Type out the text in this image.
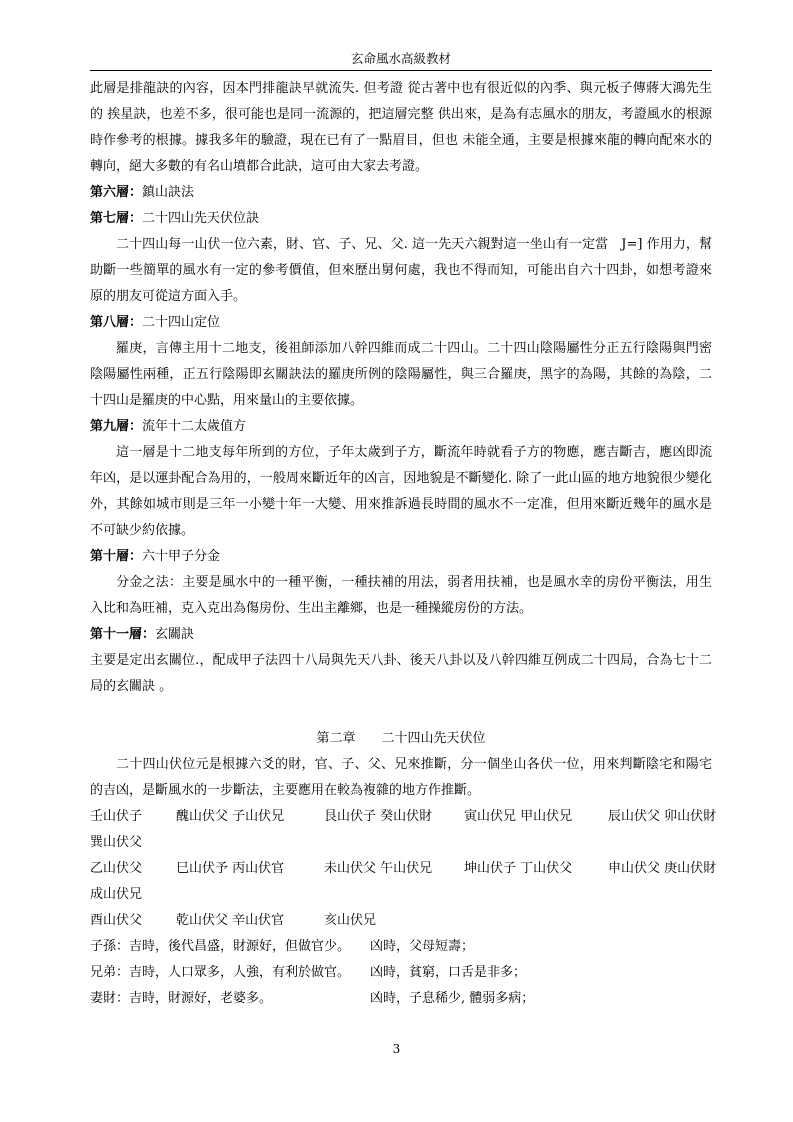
玄命風水高級教材

此層是排龍訣的內容，因本門排龍訣早就流失. 但考證 從古著中也有很近似的內季、與元板子傳蔣大鴻先生的 挨星訣，也差不多，很可能也是同一流源的，把這層完整 供出來，是為有志風水的朋友，考證風水的根源時作參考的根據。據我多年的驗證，現在已有了一點眉目，但也 未能全通，主要是根據來龍的轉向配來水的轉向，絕大多數的有名山墳都合此訣，這可由大家去考證。

第六層：鎮山訣法

第七層：二十四山先天伏位訣

二十四山每一山伏一位六素，財、官、子、兄、父. 這一先天六親對這一坐山有一定當　J=] 作用力，幫助斷一些簡單的風水有一定的參考價值，但來歷出舅何處，我也不得而知，可能出自六十四卦，如想考證來原的朋友可從這方面入手。

第八層：二十四山定位

羅庚，言傳主用十二地支，後祖師添加八幹四維而成二十四山。二十四山陰陽屬性分正五行陰陽與門密陰陽屬性兩種，正五行陰陽即玄關訣法的羅庚所例的陰陽屬性，與三合羅庚，黑字的為陽，其餘的為陰，二十四山是羅庚的中心點，用來量山的主要依據。

第九層：流年十二太歲值方

這一層是十二地支每年所到的方位，子年太歲到子方，斷流年時就看子方的物應，應吉斷吉，應凶即流年凶，是以運卦配合為用的，一般周來斷近年的凶言，因地貌是不斷變化. 除了一此山區的地方地貌很少變化外，其餘如城市則是三年一小變十年一大變、用來推訴過長時間的風水不一定准，但用來斷近幾年的風水是不可缺少約依據。

第十層：六十甲子分金

分金之法：主要是風水中的一種平衡，一種扶補的用法，弱者用扶補，也是風水幸的房份平衡法，用生入比和為旺補，克入克出為傷房份、生出主離鄉，也是一種操縱房份的方法。

第十一層：玄關訣

主要是定出玄關位.，配成甲子法四十八局與先天八卦、後天八卦以及八幹四維互例成二十四局，合為七十二局的玄關訣 。

第二章 二十四山先天伏位

二十四山伏位元是根據六爻的財，官、子、父、兄來推斷，分一個坐山各伏一位，用來判斷陰宅和陽宅的吉凶，是斷風水的一步斷法，主要應用在較為複雜的地方作推斷。

壬山伏子	醜山伏父 子山伏兄	艮山伏子 癸山伏財 寅山伏兄 甲山伏兄	辰山伏父 卯山伏財

巽山伏父

乙山伏父	巳山伏予 丙山伏官	未山伏父 午山伏兄 坤山伏子 丁山伏父	申山伏父 庚山伏財

成山伏兄

酉山伏父	乾山伏父 辛山伏官	亥山伏兄

子孫：吉時，後代昌盛，財源好，但做官少。 凶時，父母短壽；

兄弟：吉時，人口眾多，人強，有利於做官。 凶時，貧窮，口舌是非多；

妻財：吉時，財源好，老婆多。	凶時，子息稀少, 體弱多病；

3
